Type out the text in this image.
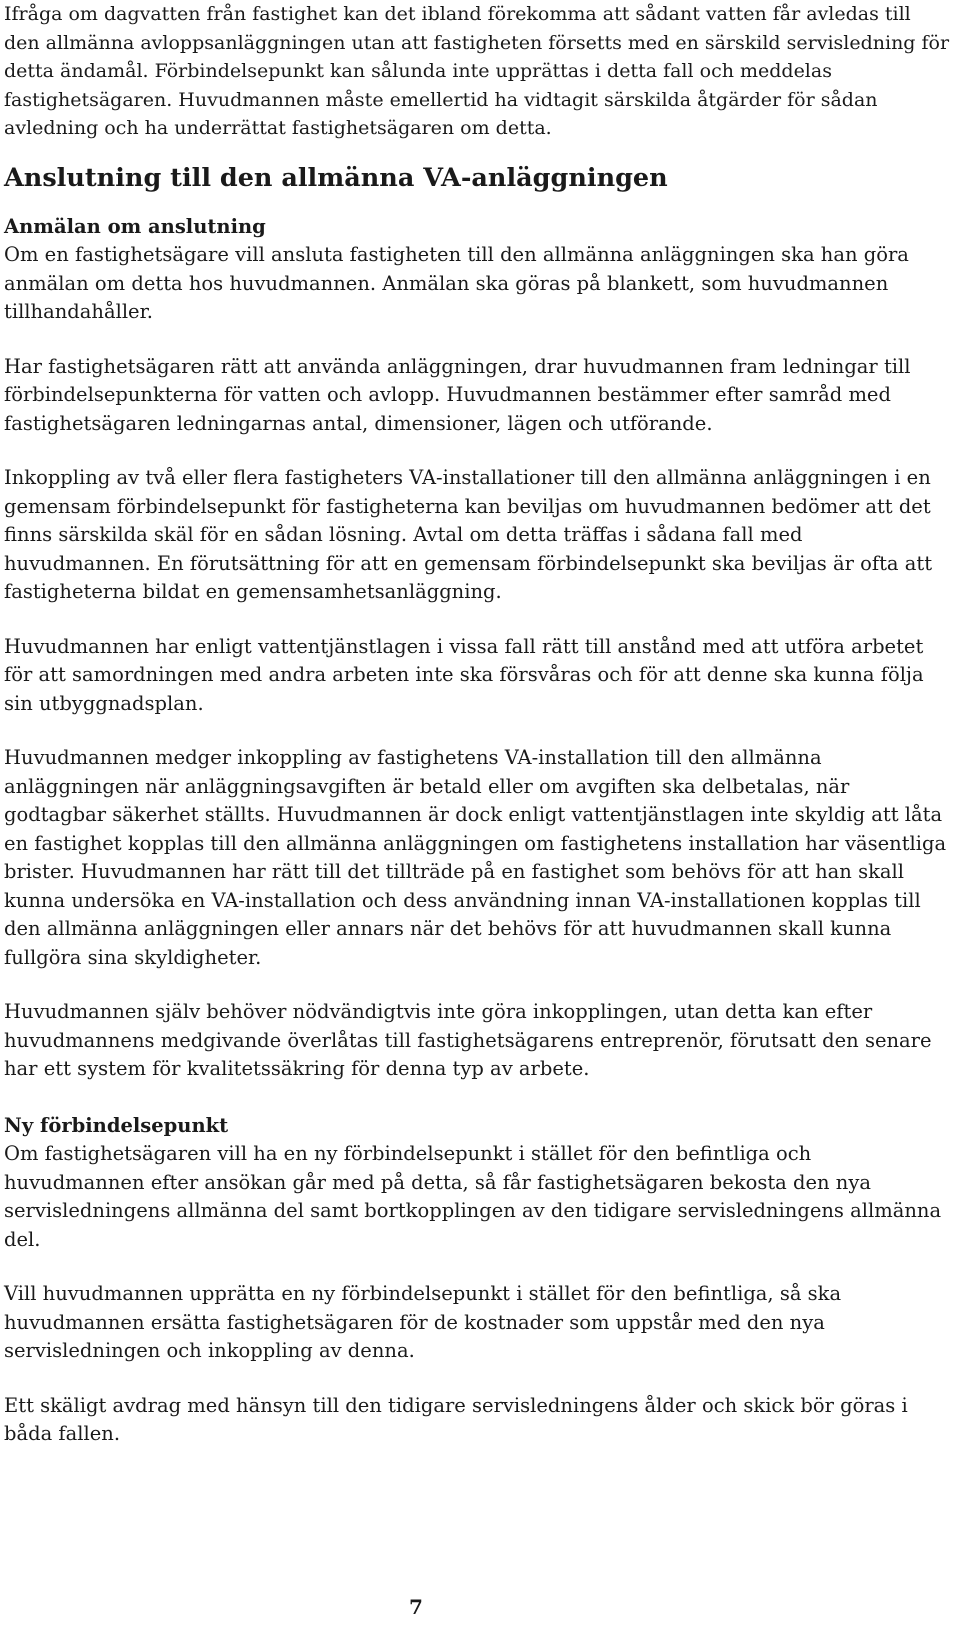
Ifråga om dagvatten från fastighet kan det ibland förekomma att sådant vatten får avledas till den allmänna avloppsanläggningen utan att fastigheten försetts med en särskild servisledning för detta ändamål. Förbindelsepunkt kan sålunda inte upprättas i detta fall och meddelas fastighetsägaren. Huvudmannen måste emellertid ha vidtagit särskilda åtgärder för sådan avledning och ha underrättat fastighetsägaren om detta.

Anslutning till den allmänna VA-anläggningen
Anmälan om anslutning

Om en fastighetsägare vill ansluta fastigheten till den allmänna anläggningen ska han göra anmälan om detta hos huvudmannen. Anmälan ska göras på blankett, som huvudmannen tillhandahåller.

Har fastighetsägaren rätt att använda anläggningen, drar huvudmannen fram ledningar till förbindelsepunkterna för vatten och avlopp. Huvudmannen bestämmer efter samråd med fastighetsägaren ledningarnas antal, dimensioner, lägen och utförande.

Inkoppling av två eller flera fastigheters VA-installationer till den allmänna anläggningen i en gemensam förbindelsepunkt för fastigheterna kan beviljas om huvudmannen bedömer att det finns särskilda skäl för en sådan lösning. Avtal om detta träffas i sådana fall med huvudmannen. En förutsättning för att en gemensam förbindelsepunkt ska beviljas är ofta att fastigheterna bildat en gemensamhetsanläggning.

Huvudmannen har enligt vattentjänstlagen i vissa fall rätt till anstånd med att utföra arbetet för att samordningen med andra arbeten inte ska försvåras och för att denne ska kunna följa sin utbyggnadsplan.

Huvudmannen medger inkoppling av fastighetens VA-installation till den allmänna anläggningen när anläggningsavgiften är betald eller om avgiften ska delbetalas, när godtagbar säkerhet ställts. Huvudmannen är dock enligt vattentjänstlagen inte skyldig att låta en fastighet kopplas till den allmänna anläggningen om fastighetens installation har väsentliga brister. Huvudmannen har rätt till det tillträde på en fastighet som behövs för att han skall kunna undersöka en VA-installation och dess användning innan VA-installationen kopplas till den allmänna anläggningen eller annars när det behövs för att huvudmannen skall kunna fullgöra sina skyldigheter.

Huvudmannen själv behöver nödvändigtvis inte göra inkopplingen, utan detta kan efter huvudmannens medgivande överlåtas till fastighetsägarens entreprenör, förutsatt den senare har ett system för kvalitetssäkring för denna typ av arbete.

Ny förbindelsepunkt

Om fastighetsägaren vill ha en ny förbindelsepunkt i stället för den befintliga och huvudmannen efter ansökan går med på detta, så får fastighetsägaren bekosta den nya servisledningens allmänna del samt bortkopplingen av den tidigare servisledningens allmänna del.

Vill huvudmannen upprätta en ny förbindelsepunkt i stället för den befintliga, så ska huvudmannen ersätta fastighetsägaren för de kostnader som uppstår med den nya servisledningen och inkoppling av denna.

Ett skäligt avdrag med hänsyn till den tidigare servisledningens ålder och skick bör göras i båda fallen.

7
